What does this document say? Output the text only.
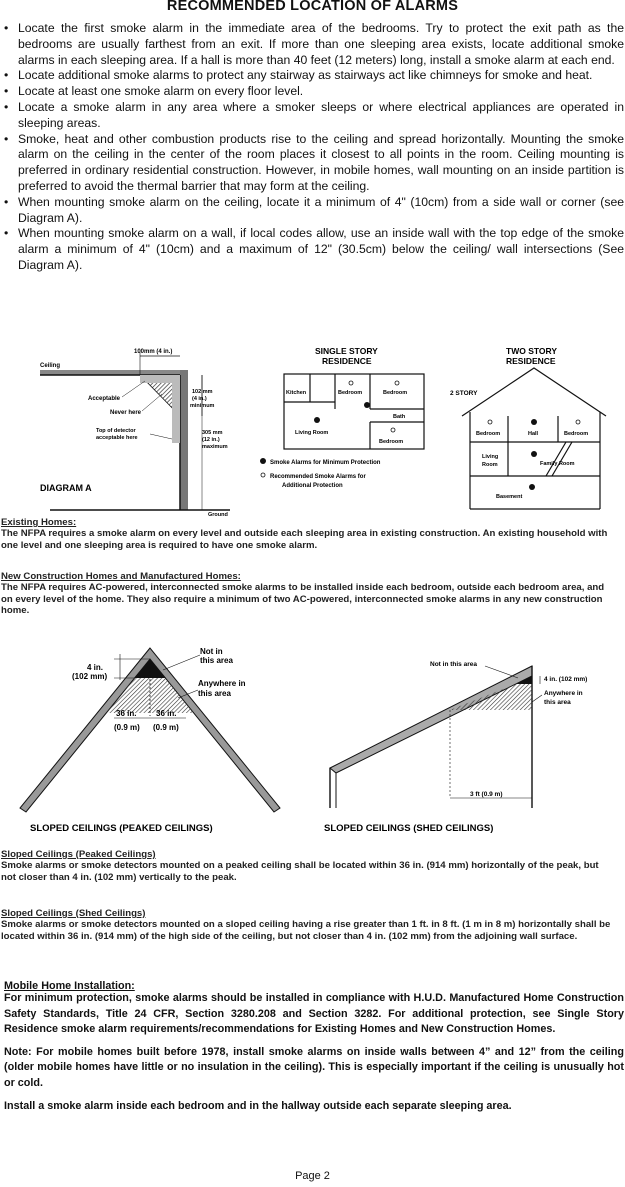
RECOMMENDED LOCATION OF ALARMS
• Locate the first smoke alarm in the immediate area of the bedrooms. Try to protect the exit path as the bedrooms are usually farthest from an exit. If more than one sleeping area exists, locate additional smoke alarms in each sleeping area. If a hall is more than 40 feet (12 meters) long, install a smoke alarm at each end.
• Locate additional smoke alarms to protect any stairway as stairways act like chimneys for smoke and heat.
• Locate at least one smoke alarm on every floor level.
• Locate a smoke alarm in any area where a smoker sleeps or where electrical appliances are operated in sleeping areas.
• Smoke, heat and other combustion products rise to the ceiling and spread horizontally. Mounting the smoke alarm on the ceiling in the center of the room places it closest to all points in the room. Ceiling mounting is preferred in ordinary residential construction. However, in mobile homes, wall mounting on an inside partition is preferred to avoid the thermal barrier that may form at the ceiling.
• When mounting smoke alarm on the ceiling, locate it a minimum of 4" (10cm) from a side wall or corner (see Diagram A).
• When mounting smoke alarm on a wall, if local codes allow, use an inside wall with the top edge of the smoke alarm a minimum of 4" (10cm) and a maximum of 12" (30.5cm) below the ceiling/ wall intersections (See Diagram A).
100mm (4 in.)
102 mm
(4 in.)
minimum
305 mm
(12 in.)
maximum
Ceiling
Acceptable
Never here
Top of detector
acceptable here
Ground
DIAGRAM A
SINGLE STORY
RESIDENCE
Kitchen	Bedroom	Bedroom
Bath
Living Room
Bedroom
Smoke Alarms for Minimum Protection
Recommended Smoke Alarms for
Additional Protection
TWO STORY
RESIDENCE
2 STORY
Bedroom	Hall	Bedroom
Living
Room	Family Room
Basement
Existing Homes:
The NFPA requires a smoke alarm on every level and outside each sleeping area in existing construction. An existing household with one level and one sleeping area is required to have one smoke alarm.
New Construction Homes and Manufactured Homes:
The NFPA requires AC-powered, interconnected smoke alarms to be installed inside each bedroom, outside each bedroom area, and on every level of the home. They also require a minimum of two AC-powered, interconnected smoke alarms in any new construction home.
4 in.
(102 mm)
Not in
this area
Anywhere in
this area
36 in.
(0.9 m)
36 in.
(0.9 m)
SLOPED CEILINGS (PEAKED CEILINGS)
3 ft (0.9 m)
Not in this area
4 in. (102 mm)
Anywhere in
this area
SLOPED CEILINGS (SHED CEILINGS)
Sloped Ceilings (Peaked Ceilings)
Smoke alarms or smoke detectors mounted on a peaked ceiling shall be located within 36 in. (914 mm) horizontally of the peak, but not closer than 4 in. (102 mm) vertically to the peak.
Sloped Ceilings (Shed Ceilings)
Smoke alarms or smoke detectors mounted on a sloped ceiling having a rise greater than 1 ft. in 8 ft. (1 m in 8 m) horizontally shall be located within 36 in. (914 mm) of the high side of the ceiling, but not closer than 4 in. (102 mm) from the adjoining wall surface.
Mobile Home Installation:

For minimum protection, smoke alarms should be installed in compliance with H.U.D. Manufactured Home Construction Safety Standards, Title 24 CFR, Section 3280.208 and Section 3282. For additional protection, see Single Story Residence smoke alarm requirements/recommendations for Existing Homes and New Construction Homes.

Note: For mobile homes built before 1978, install smoke alarms on inside walls between 4” and 12” from the ceiling (older mobile homes have little or no insulation in the ceiling). This is especially important if the ceiling is unusually hot or cold.

Install a smoke alarm inside each bedroom and in the hallway outside each separate sleeping area.

Page 2
